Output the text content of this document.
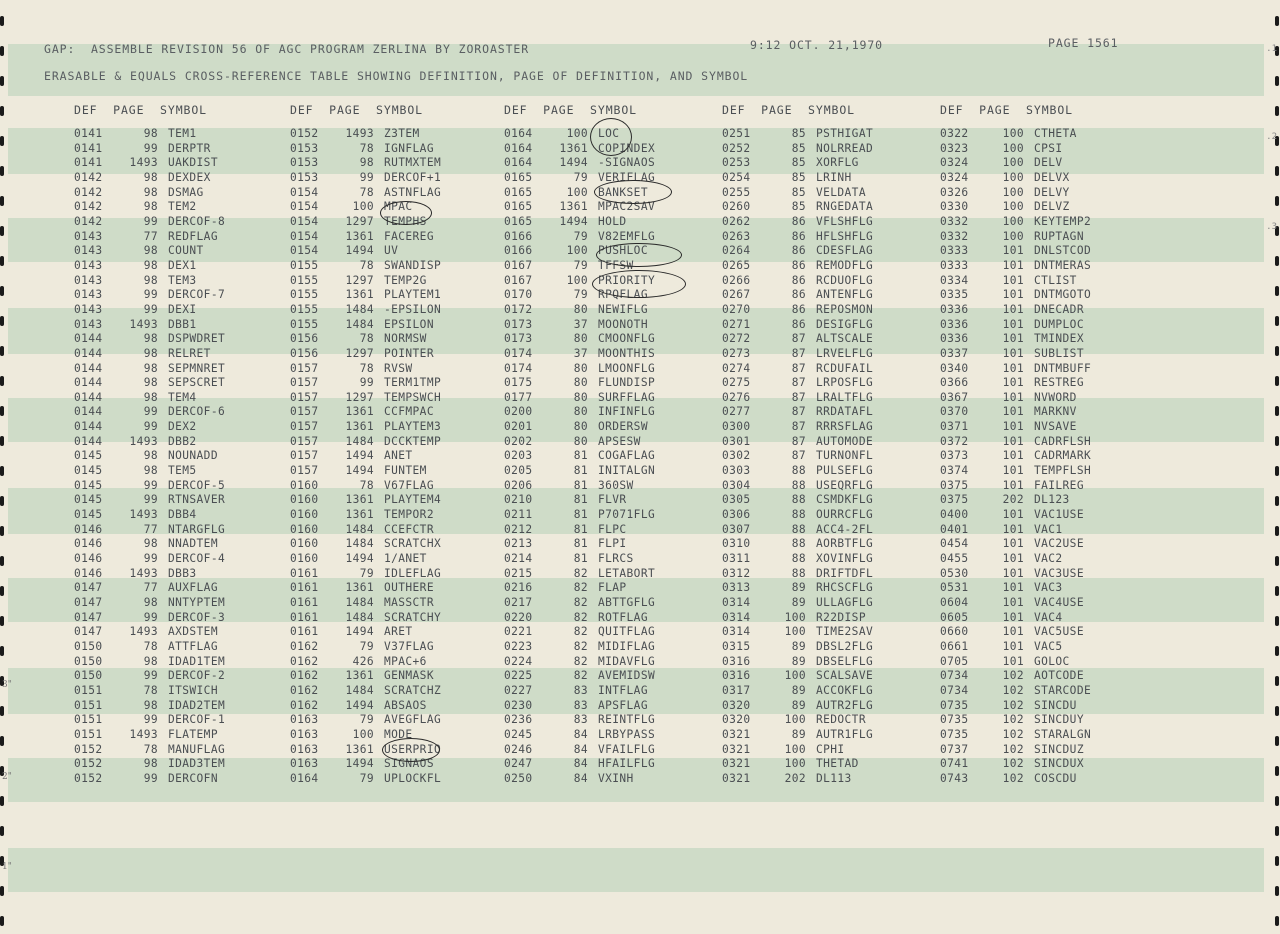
3"
2"
1"
.1
.2
.3
GAP:  ASSEMBLE REVISION 56 OF AGC PROGRAM ZERLINA BY ZOROASTER	9:12 OCT. 21,1970	PAGE 1561
ERASABLE & EQUALS CROSS-REFERENCE TABLE SHOWING DEFINITION, PAGE OF DEFINITION, AND SYMBOL
DEF  PAGE  SYMBOL
0141	98 TEM1
0141	99 DERPTR
0141 1493 UAKDIST
0142	98 DEXDEX
0142	98 DSMAG
0142	98 TEM2
0142	99 DERCOF-8
0143	77 REDFLAG
0143	98 COUNT
0143	98 DEX1
0143	98 TEM3
0143	99 DERCOF-7
0143	99 DEXI
0143 1493 DBB1
0144	98 DSPWDRET
0144	98 RELRET
0144	98 SEPMNRET
0144	98 SEPSCRET
0144	98 TEM4
0144	99 DERCOF-6
0144	99 DEX2
0144 1493 DBB2
0145	98 NOUNADD
0145	98 TEM5
0145	99 DERCOF-5
0145	99 RTNSAVER
0145 1493 DBB4
0146	77 NTARGFLG
0146	98 NNADTEM
0146	99 DERCOF-4
0146 1493 DBB3
0147	77 AUXFLAG
0147	98 NNTYPTEM
0147	99 DERCOF-3
0147 1493 AXDSTEM
0150	78 ATTFLAG
0150	98 IDAD1TEM
0150	99 DERCOF-2
0151	78 ITSWICH
0151	98 IDAD2TEM
0151	99 DERCOF-1
0151 1493 FLATEMP
0152	78 MANUFLAG
0152	98 IDAD3TEM
0152	99 DERCOFN
DEF  PAGE  SYMBOL
0152 1493 Z3TEM
0153	78 IGNFLAG
0153	98 RUTMXTEM
0153	99 DERCOF+1
0154	78 ASTNFLAG
0154	100 MPAC
0154 1297 TEMPHS
0154 1361 FACEREG
0154 1494 UV
0155	78 SWANDISP
0155 1297 TEMP2G
0155 1361 PLAYTEM1
0155 1484 -EPSILON
0155 1484 EPSILON
0156	78 NORMSW
0156 1297 POINTER
0157	78 RVSW
0157	99 TERM1TMP
0157 1297 TEMPSWCH
0157 1361 CCFMPAC
0157 1361 PLAYTEM3
0157 1484 DCCKTEMP
0157 1494 ANET
0157 1494 FUNTEM
0160	78 V67FLAG
0160 1361 PLAYTEM4
0160 1361 TEMPOR2
0160 1484 CCEFCTR
0160 1484 SCRATCHX
0160 1494 1/ANET
0161	79 IDLEFLAG
0161 1361 OUTHERE
0161 1484 MASSCTR
0161 1484 SCRATCHY
0161 1494 ARET
0162	79 V37FLAG
0162	426 MPAC+6
0162 1361 GENMASK
0162 1484 SCRATCHZ
0162 1494 ABSAOS
0163	79 AVEGFLAG
0163	100 MODE
0163 1361 USERPRIO
0163 1494 SIGNAOS
0164	79 UPLOCKFL
DEF  PAGE  SYMBOL
0164	100 LOC
0164 1361 COPINDEX
0164 1494 -SIGNAOS
0165	79 VERIFLAG
0165	100 BANKSET
0165 1361 MPAC2SAV
0165 1494 HOLD
0166	79 V82EMFLG
0166	100 PUSHLOC
0167	79 TFFSW
0167	100 PRIORITY
0170	79 RPQFLAG
0172	80 NEWIFLG
0173	37 MOONOTH
0173	80 CMOONFLG
0174	37 MOONTHIS
0174	80 LMOONFLG
0175	80 FLUNDISP
0177	80 SURFFLAG
0200	80 INFINFLG
0201	80 ORDERSW
0202	80 APSESW
0203	81 COGAFLAG
0205	81 INITALGN
0206	81 360SW
0210	81 FLVR
0211	81 P7071FLG
0212	81 FLPC
0213	81 FLPI
0214	81 FLRCS
0215	82 LETABORT
0216	82 FLAP
0217	82 ABTTGFLG
0220	82 ROTFLAG
0221	82 QUITFLAG
0223	82 MIDIFLAG
0224	82 MIDAVFLG
0225	82 AVEMIDSW
0227	83 INTFLAG
0230	83 APSFLAG
0236	83 REINTFLG
0245	84 LRBYPASS
0246	84 VFAILFLG
0247	84 HFAILFLG
0250	84 VXINH
DEF  PAGE  SYMBOL
0251	85 PSTHIGAT
0252	85 NOLRREAD
0253	85 XORFLG
0254	85 LRINH
0255	85 VELDATA
0260	85 RNGEDATA
0262	86 VFLSHFLG
0263	86 HFLSHFLG
0264	86 CDESFLAG
0265	86 REMODFLG
0266	86 RCDUOFLG
0267	86 ANTENFLG
0270	86 REPOSMON
0271	86 DESIGFLG
0272	87 ALTSCALE
0273	87 LRVELFLG
0274	87 RCDUFAIL
0275	87 LRPOSFLG
0276	87 LRALTFLG
0277	87 RRDATAFL
0300	87 RRRSFLAG
0301	87 AUTOMODE
0302	87 TURNONFL
0303	88 PULSEFLG
0304	88 USEQRFLG
0305	88 CSMDKFLG
0306	88 OURRCFLG
0307	88 ACC4-2FL
0310	88 AORBTFLG
0311	88 XOVINFLG
0312	88 DRIFTDFL
0313	89 RHCSCFLG
0314	89 ULLAGFLG
0314	100 R22DISP
0314	100 TIME2SAV
0315	89 DBSL2FLG
0316	89 DBSELFLG
0316	100 SCALSAVE
0317	89 ACCOKFLG
0320	89 AUTR2FLG
0320	100 REDOCTR
0321	89 AUTR1FLG
0321	100 CPHI
0321	100 THETAD
0321	202 DL113
DEF  PAGE  SYMBOL
0322	100 CTHETA
0323	100 CPSI
0324	100 DELV
0324	100 DELVX
0326	100 DELVY
0330	100 DELVZ
0332	100 KEYTEMP2
0332	100 RUPTAGN
0333	101 DNLSTCOD
0333	101 DNTMERAS
0334	101 CTLIST
0335	101 DNTMGOTO
0336	101 DNECADR
0336	101 DUMPLOC
0336	101 TMINDEX
0337	101 SUBLIST
0340	101 DNTMBUFF
0366	101 RESTREG
0367	101 NVWORD
0370	101 MARKNV
0371	101 NVSAVE
0372	101 CADRFLSH
0373	101 CADRMARK
0374	101 TEMPFLSH
0375	101 FAILREG
0375	202 DL123
0400	101 VAC1USE
0401	101 VAC1
0454	101 VAC2USE
0455	101 VAC2
0530	101 VAC3USE
0531	101 VAC3
0604	101 VAC4USE
0605	101 VAC4
0660	101 VAC5USE
0661	101 VAC5
0705	101 GOLOC
0734	102 AOTCODE
0734	102 STARCODE
0735	102 SINCDU
0735	102 SINCDUY
0735	102 STARALGN
0737	102 SINCDUZ
0741	102 SINCDUX
0743	102 COSCDU
